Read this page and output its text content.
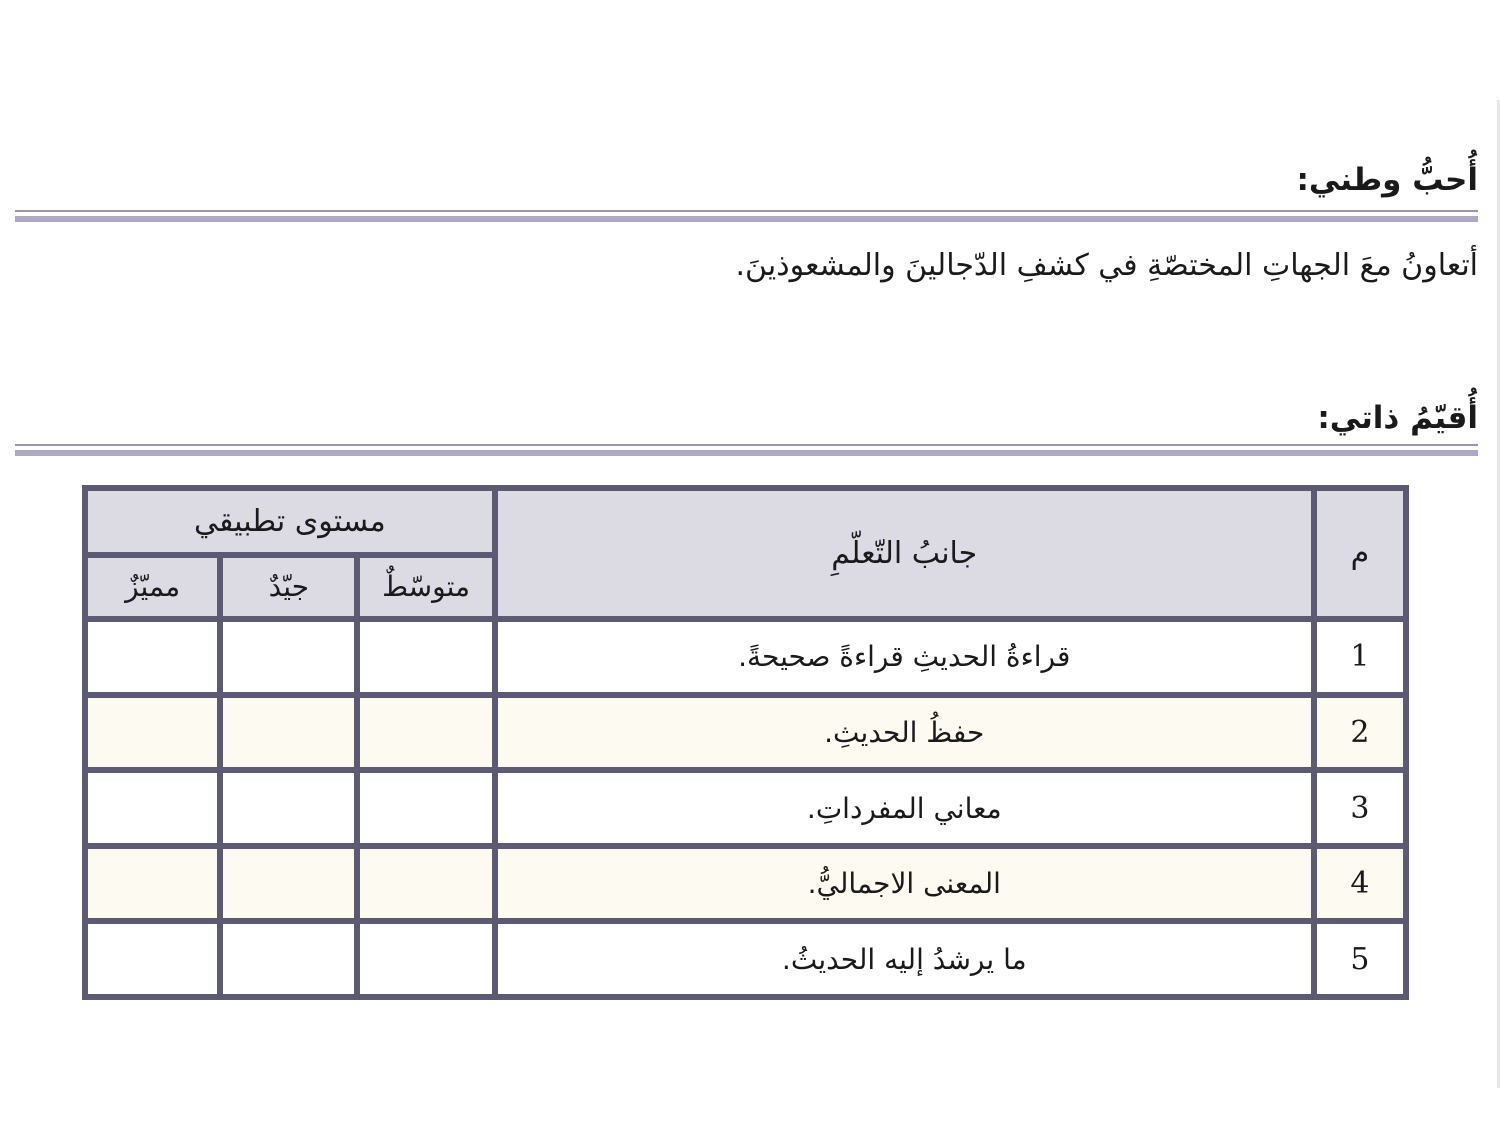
أُحبُّ وطني:
أتعاونُ معَ الجهاتِ المختصّةِ في كشفِ الدّجالينَ والمشعوذينَ.
أُقيّمُ ذاتي:
م	جانبُ التّعلّمِ	مستوى تطبيقي		
		متوسّطٌ	جيّدٌ	مميّزٌ
1	قراءةُ الحديثِ قراءةً صحيحةً.			
2	حفظُ الحديثِ.			
3	معاني المفرداتِ.			
4	المعنى الاجماليُّ.			
5	ما يرشدُ إليه الحديثُ.			
